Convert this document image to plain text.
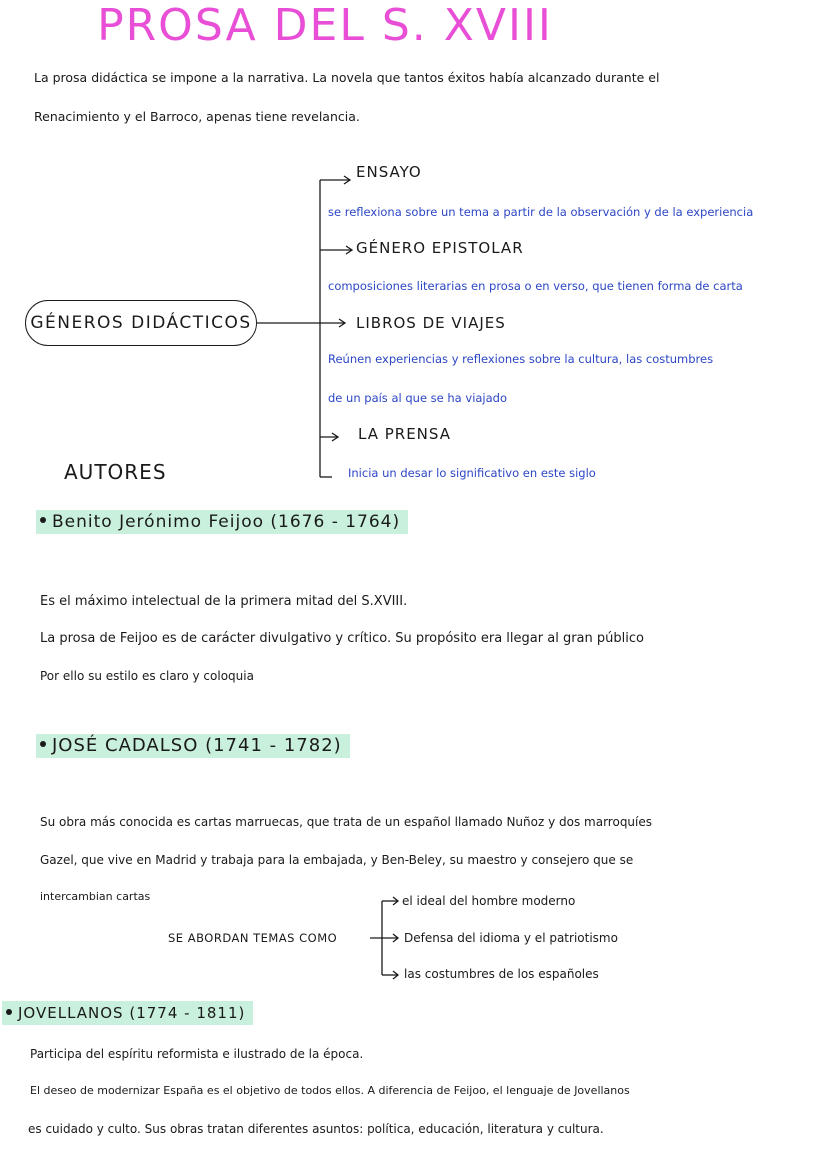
PROSA DEL S. XVIII
La prosa didáctica se impone a la narrativa. La novela que tantos éxitos había alcanzado durante el
Renacimiento y el Barroco, apenas tiene revelancia.
GÉNEROS DIDÁCTICOS
ENSAYO
se reflexiona sobre un tema a partir de la observación y de la experiencia
GÉNERO EPISTOLAR
composiciones literarias en prosa o en verso, que tienen forma de carta
LIBROS DE VIAJES
Reúnen experiencias y reflexiones sobre la cultura, las costumbres
de un país al que se ha viajado
LA PRENSA
Inicia un desar lo significativo en este siglo
AUTORES
Benito Jerónimo Feijoo (1676 - 1764)
Es el máximo intelectual de la primera mitad del S.XVIII.
La prosa de Feijoo es de carácter divulgativo y crítico. Su propósito era llegar al gran público
Por ello su estilo es claro y coloquia
JOSÉ CADALSO (1741 - 1782)
Su obra más conocida es cartas marruecas, que trata de un español llamado Nuñoz y dos marroquíes
Gazel, que vive en Madrid y trabaja para la embajada, y Ben-Beley, su maestro y consejero que se
intercambian cartas
SE ABORDAN TEMAS COMO
el ideal del hombre moderno
Defensa del idioma y el patriotismo
las costumbres de los españoles
JOVELLANOS (1774 - 1811)
Participa del espíritu reformista e ilustrado de la época.
El deseo de modernizar España es el objetivo de todos ellos. A diferencia de Feijoo, el lenguaje de Jovellanos
es cuidado y culto. Sus obras tratan diferentes asuntos: política, educación, literatura y cultura.
